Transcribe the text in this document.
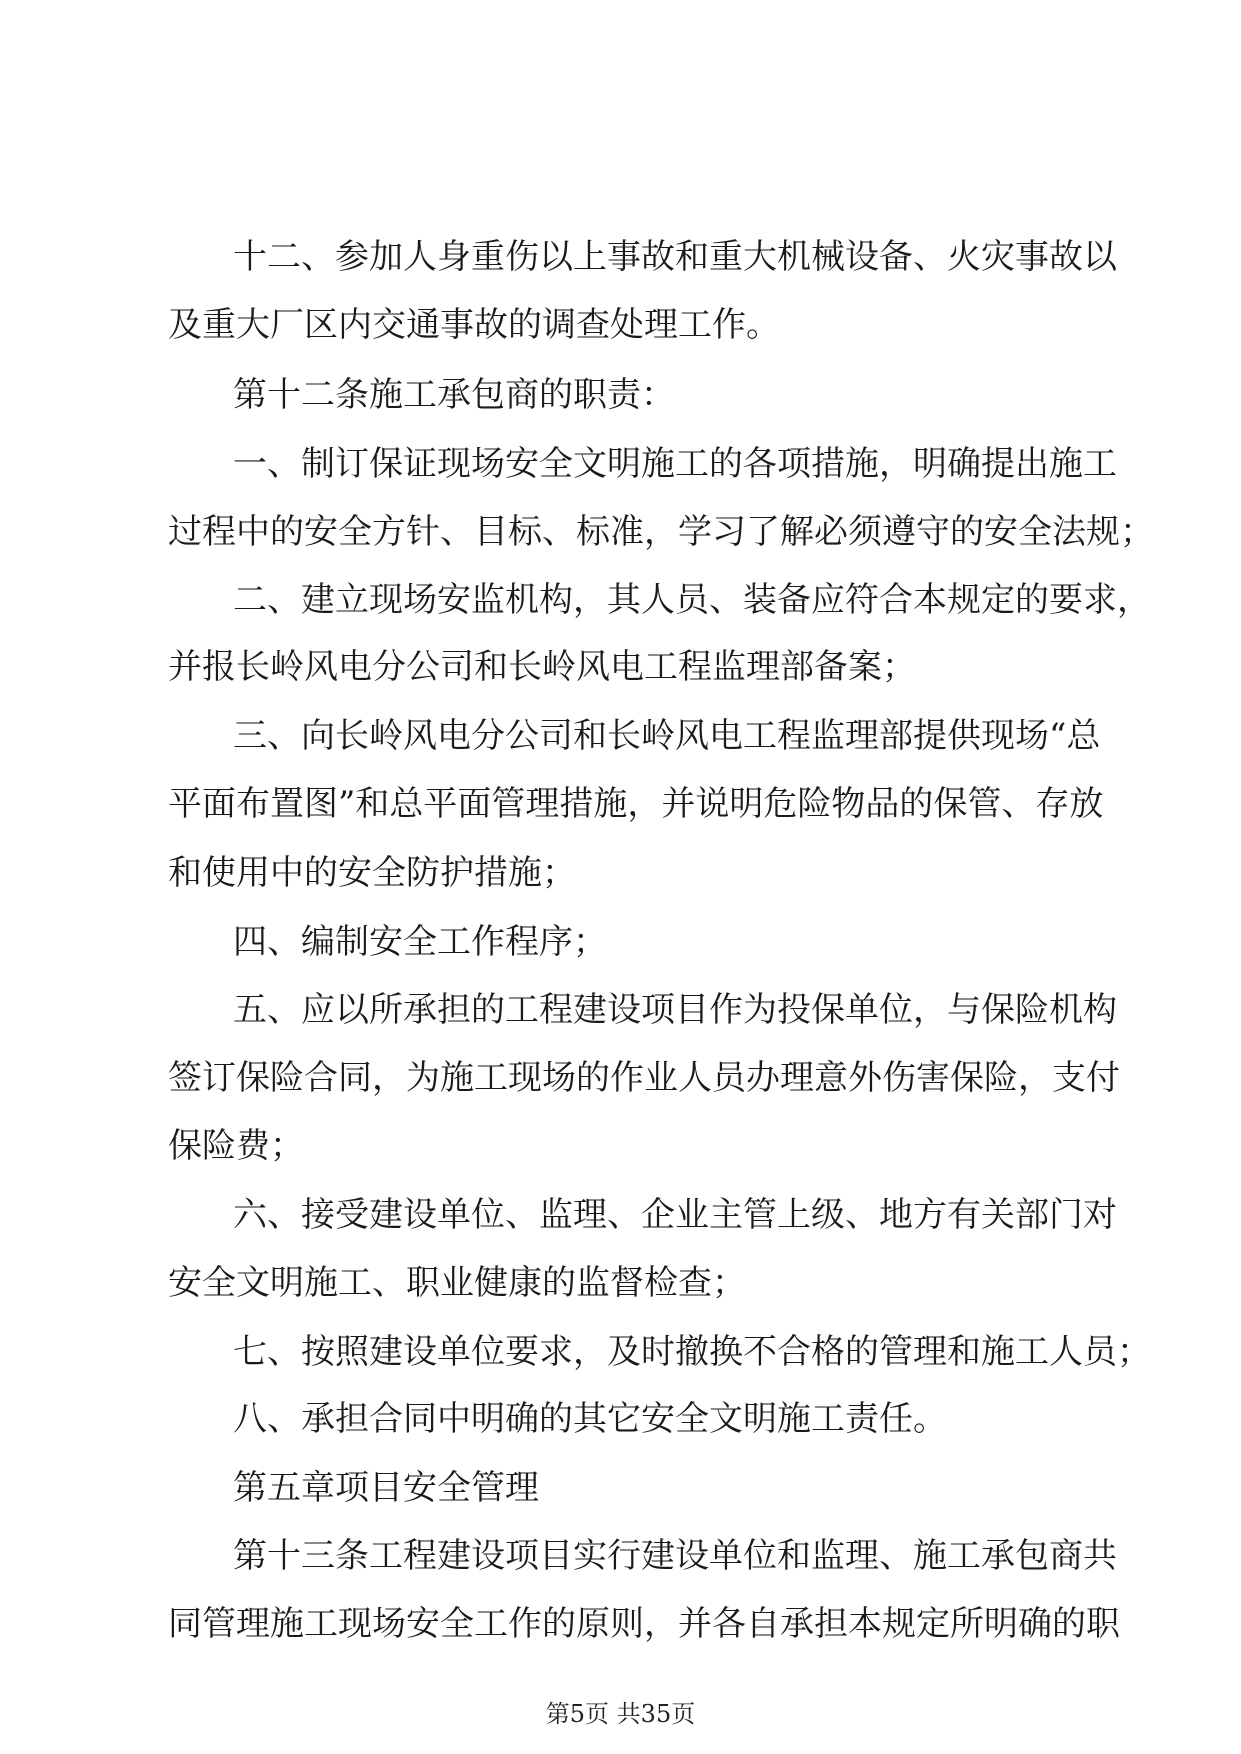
十二、参加人身重伤以上事故和重大机械设备、火灾事故以
及重大厂区内交通事故的调查处理工作。
第十二条施工承包商的职责：
一、制订保证现场安全文明施工的各项措施，明确提出施工
过程中的安全方针、目标、标准，学习了解必须遵守的安全法规；
二、建立现场安监机构，其人员、装备应符合本规定的要求，
并报长岭风电分公司和长岭风电工程监理部备案；
三、向长岭风电分公司和长岭风电工程监理部提供现场“总
平面布置图”和总平面管理措施，并说明危险物品的保管、存放
和使用中的安全防护措施；
四、编制安全工作程序；
五、应以所承担的工程建设项目作为投保单位，与保险机构
签订保险合同，为施工现场的作业人员办理意外伤害保险，支付
保险费；
六、接受建设单位、监理、企业主管上级、地方有关部门对
安全文明施工、职业健康的监督检查；
七、按照建设单位要求，及时撤换不合格的管理和施工人员；
八、承担合同中明确的其它安全文明施工责任。
第五章项目安全管理
第十三条工程建设项目实行建设单位和监理、施工承包商共
同管理施工现场安全工作的原则，并各自承担本规定所明确的职
第5页 共35页
